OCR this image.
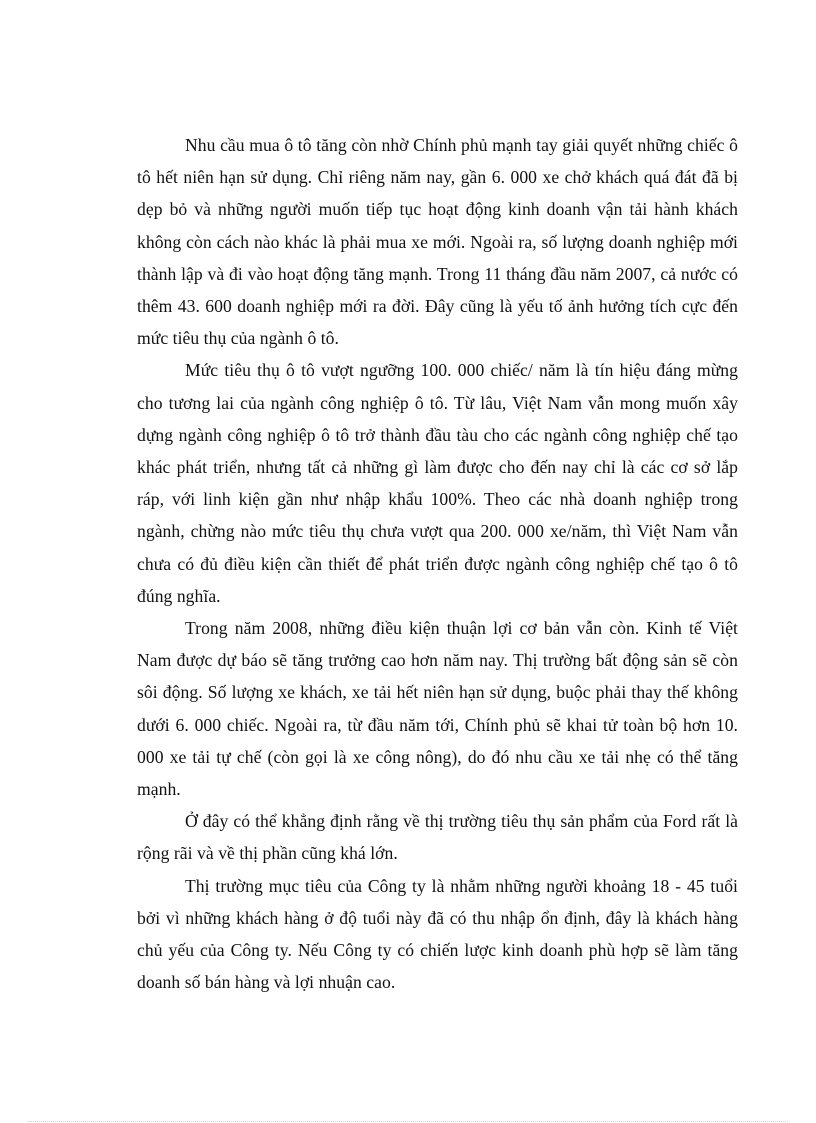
Nhu cầu mua ô tô tăng còn nhờ Chính phủ mạnh tay giải quyết những chiếc ô tô hết niên hạn sử dụng. Chỉ riêng năm nay, gần 6. 000 xe chở khách quá đát đã bị dẹp bỏ và những người muốn tiếp tục hoạt động kinh doanh vận tải hành khách không còn cách nào khác là phải mua xe mới. Ngoài ra, số lượng doanh nghiệp mới thành lập và đi vào hoạt động tăng mạnh. Trong 11 tháng đầu năm 2007, cả nước có thêm 43. 600 doanh nghiệp mới ra đời. Đây cũng là yếu tố ảnh hưởng tích cực đến mức tiêu thụ của ngành ô tô.

Mức tiêu thụ ô tô vượt ngưỡng 100. 000 chiếc/ năm là tín hiệu đáng mừng cho tương lai của ngành công nghiệp ô tô. Từ lâu, Việt Nam vẫn mong muốn xây dựng ngành công nghiệp ô tô trở thành đầu tàu cho các ngành công nghiệp chế tạo khác phát triển, nhưng tất cả những gì làm được cho đến nay chỉ là các cơ sở lắp ráp, với linh kiện gần như nhập khẩu 100%. Theo các nhà doanh nghiệp trong ngành, chừng nào mức tiêu thụ chưa vượt qua 200. 000 xe/năm, thì Việt Nam vẫn chưa có đủ điều kiện cần thiết để phát triển được ngành công nghiệp chế tạo ô tô đúng nghĩa.

Trong năm 2008, những điều kiện thuận lợi cơ bản vẫn còn. Kinh tế Việt Nam được dự báo sẽ tăng trưởng cao hơn năm nay. Thị trường bất động sản sẽ còn sôi động. Số lượng xe khách, xe tải hết niên hạn sử dụng, buộc phải thay thế không dưới 6. 000 chiếc. Ngoài ra, từ đầu năm tới, Chính phủ sẽ khai tử toàn bộ hơn 10. 000 xe tải tự chế (còn gọi là xe công nông), do đó nhu cầu xe tải nhẹ có thể tăng mạnh.

Ở đây có thể khẳng định rằng về thị trường tiêu thụ sản phẩm của Ford rất là rộng rãi và về thị phần cũng khá lớn.

Thị trường mục tiêu của Công ty là nhằm những người khoảng 18 - 45 tuổi bởi vì những khách hàng ở độ tuổi này đã có thu nhập ổn định, đây là khách hàng chủ yếu của Công ty. Nếu Công ty có chiến lược kinh doanh phù hợp sẽ làm tăng doanh số bán hàng và lợi nhuận cao.
